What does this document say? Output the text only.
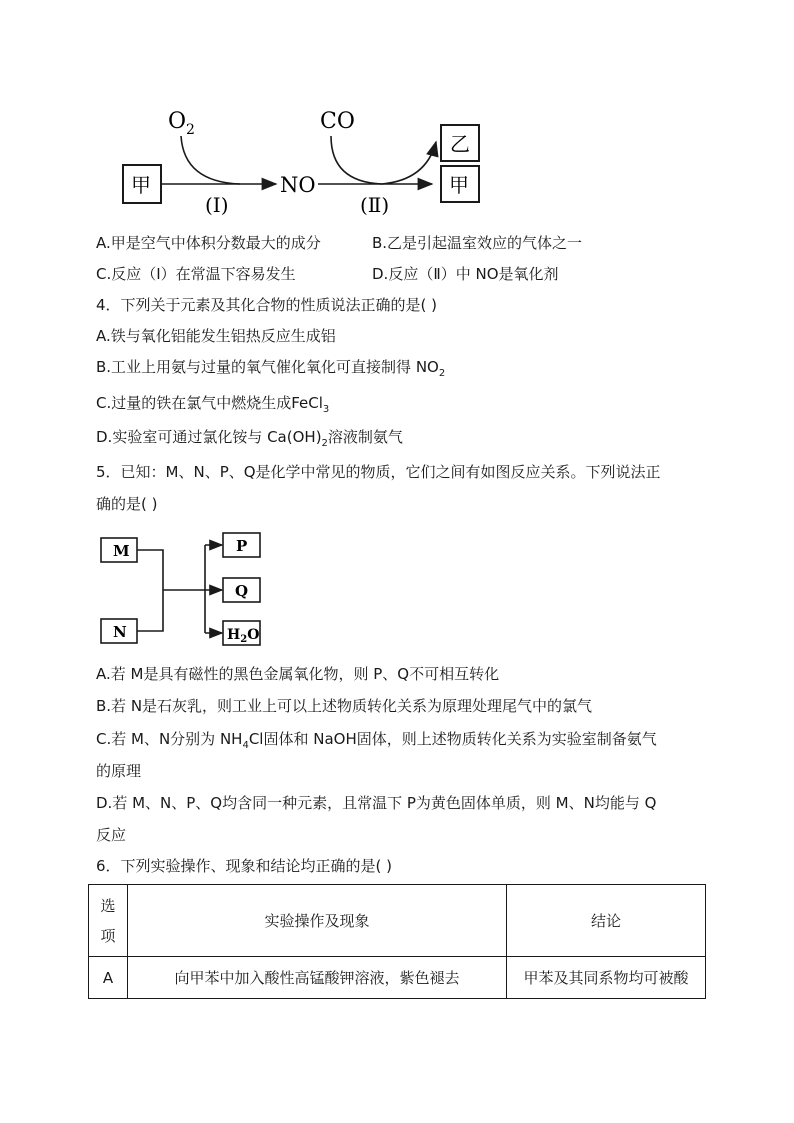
$O_2$	CO
甲
(Ⅰ)
NO
(Ⅱ)
乙
甲
A.甲是空气中体积分数最大的成分	B.乙是引起温室效应的气体之一
C.反应（Ⅰ）在常温下容易发生	D.反应（Ⅱ）中 NO是氧化剂
4．下列关于元素及其化合物的性质说法正确的是( )
A.铁与氧化铝能发生铝热反应生成铝
B.工业上用氨与过量的氧气催化氧化可直接制得 $NO_2$
C.过量的铁在氯气中燃烧生成FeCl$_3$
D.实验室可通过氯化铵与 $Ca(OH)_2$溶液制氨气
5．已知：M、N、P、Q是化学中常见的物质，它们之间有如图反应关系。下列说法正
确的是( )
M
N
P
Q
$H_2O$
A.若 M是具有磁性的黑色金属氧化物，则 P、Q不可相互转化
B.若 N是石灰乳，则工业上可以上述物质转化关系为原理处理尾气中的氯气
C.若 M、N分别为 $NH_4Cl$固体和 NaOH固体，则上述物质转化关系为实验室制备氨气
的原理
D.若 M、N、P、Q均含同一种元素，且常温下 P为黄色固体单质，则 M、N均能与 Q
反应
6．下列实验操作、现象和结论均正确的是( )
选
项	实验操作及现象	结论
A	向甲苯中加入酸性高锰酸钾溶液，紫色褪去	甲苯及其同系物均可被酸
